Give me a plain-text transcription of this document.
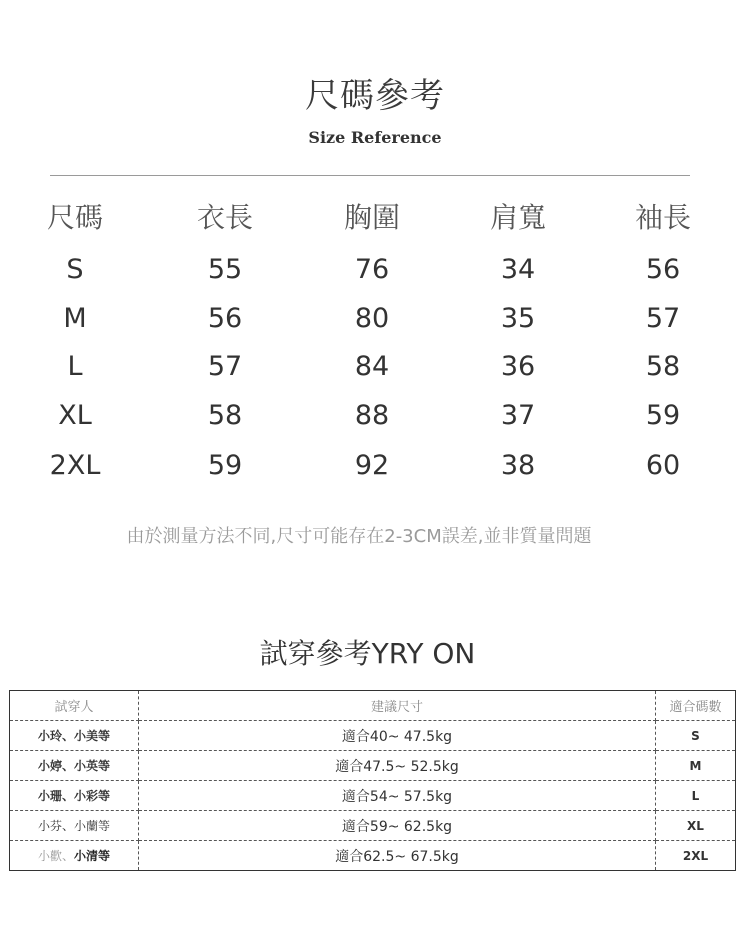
尺碼參考
Size Reference
尺碼	衣長	胸圍	肩寬	袖長
S	55	76	34	56
M	56	80	35	57
L	57	84	36	58
XL	58	88	37	59
2XL	59	92	38	60
由於測量方法不同,尺寸可能存在2-3CM誤差,並非質量問題
試穿參考YRY ON
試穿人	建議尺寸	適合碼數
小玲、小美等	適合40~ 47.5kg	S
小婷、小英等	適合47.5~ 52.5kg	M
小珊、小彩等	適合54~ 57.5kg	L
小芬、小蘭等	適合59~ 62.5kg	XL
小歡、小清等	適合62.5~ 67.5kg	2XL
